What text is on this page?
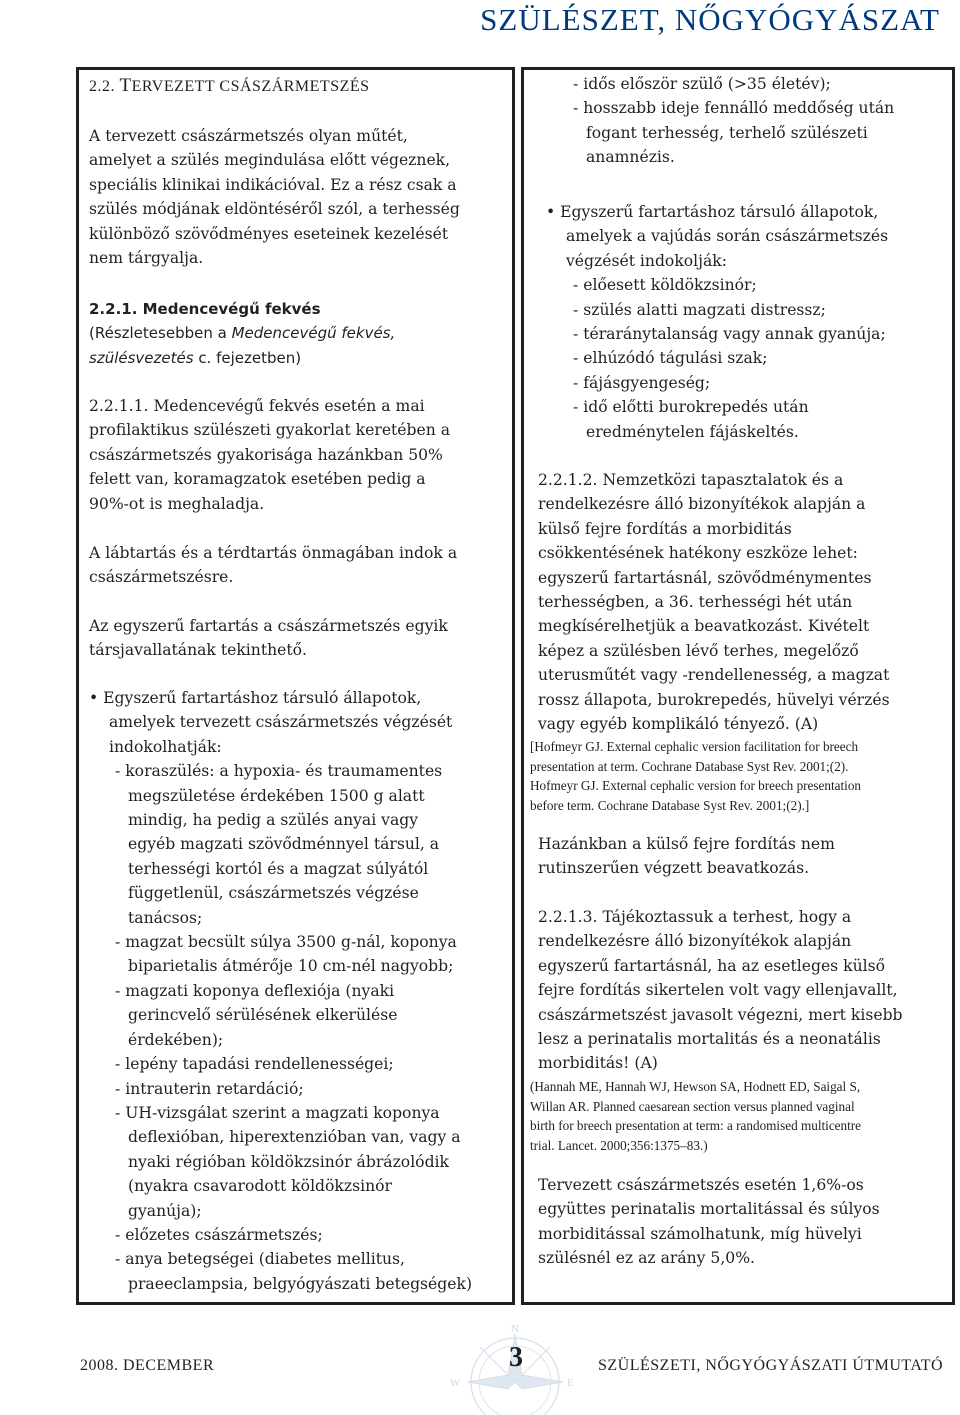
SZÜLÉSZET, NŐGYÓGYÁSZAT
2.2. TERVEZETT CSÁSZÁRMETSZÉS

A tervezett császármetszés olyan műtét,

amelyet a szülés megindulása előtt végeznek,

speciális klinikai indikációval. Ez a rész csak a

szülés módjának eldöntéséről szól, a terhesség

különböző szövődményes eseteinek kezelését

nem tárgyalja.

2.2.1. Medencevégű fekvés

(Részletesebben a Medencevégű fekvés,

szülésvezetés c. fejezetben)

2.2.1.1. Medencevégű fekvés esetén a mai

profilaktikus szülészeti gyakorlat keretében a

császármetszés gyakorisága hazánkban 50%

felett van, koramagzatok esetében pedig a

90%-ot is meghaladja.

A lábtartás és a térdtartás önmagában indok a

császármetszésre.

Az egyszerű fartartás a császármetszés egyik

társjavallatának tekinthető.

• Egyszerű fartartáshoz társuló állapotok,

amelyek tervezett császármetszés végzését

indokolhatják:

- koraszülés: a hypoxia- és traumamentes

megszületése érdekében 1500 g alatt

mindig, ha pedig a szülés anyai vagy

egyéb magzati szövődménnyel társul, a

terhességi kortól és a magzat súlyától

függetlenül, császármetszés végzése

tanácsos;

- magzat becsült súlya 3500 g-nál, koponya

biparietalis átmérője 10 cm-nél nagyobb;

- magzati koponya deflexiója (nyaki

gerincvelő sérülésének elkerülése

érdekében);

- lepény tapadási rendellenességei;

- intrauterin retardáció;

- UH-vizsgálat szerint a magzati koponya

deflexióban, hiperextenzióban van, vagy a

nyaki régióban köldökzsinór ábrázolódik

(nyakra csavarodott köldökzsinór

gyanúja);

- előzetes császármetszés;

- anya betegségei (diabetes mellitus,

praeeclampsia, belgyógyászati betegségek)

- idős először szülő (>35 életév);

- hosszabb ideje fennálló meddőség után

fogant terhesség, terhelő szülészeti

anamnézis.

• Egyszerű fartartáshoz társuló állapotok,

amelyek a vajúdás során császármetszés

végzését indokolják:

- előesett köldökzsinór;

- szülés alatti magzati distressz;

- téraránytalanság vagy annak gyanúja;

- elhúzódó tágulási szak;

- fájásgyengeség;

- idő előtti burokrepedés után

eredménytelen fájáskeltés.

2.2.1.2. Nemzetközi tapasztalatok és a

rendelkezésre álló bizonyítékok alapján a

külső fejre fordítás a morbiditás

csökkentésének hatékony eszköze lehet:

egyszerű fartartásnál, szövődménymentes

terhességben, a 36. terhességi hét után

megkísérelhetjük a beavatkozást. Kivételt

képez a szülésben lévő terhes, megelőző

uterusműtét vagy -rendellenesség, a magzat

rossz állapota, burokrepedés, hüvelyi vérzés

vagy egyéb komplikáló tényező. (A)

[Hofmeyr GJ. External cephalic version facilitation for breech

presentation at term. Cochrane Database Syst Rev. 2001;(2).

Hofmeyr GJ. External cephalic version for breech presentation

before term. Cochrane Database Syst Rev. 2001;(2).]

Hazánkban a külső fejre fordítás nem

rutinszerűen végzett beavatkozás.

2.2.1.3. Tájékoztassuk a terhest, hogy a

rendelkezésre álló bizonyítékok alapján

egyszerű fartartásnál, ha az esetleges külső

fejre fordítás sikertelen volt vagy ellenjavallt,

császármetszést javasolt végezni, mert kisebb

lesz a perinatalis mortalitás és a neonatális

morbiditás! (A)

(Hannah ME, Hannah WJ, Hewson SA, Hodnett ED, Saigal S,

Willan AR. Planned caesarean section versus planned vaginal

birth for breech presentation at term: a randomised multicentre

trial. Lancet. 2000;356:1375–83.)

Tervezett császármetszés esetén 1,6%-os

együttes perinatalis mortalitással és súlyos

morbiditással számolhatunk, míg hüvelyi

szülésnél ez az arány 5,0%.

N
E
W
2008. DECEMBER	3	SZÜLÉSZETI, NŐGYÓGYÁSZATI ÚTMUTATÓ
